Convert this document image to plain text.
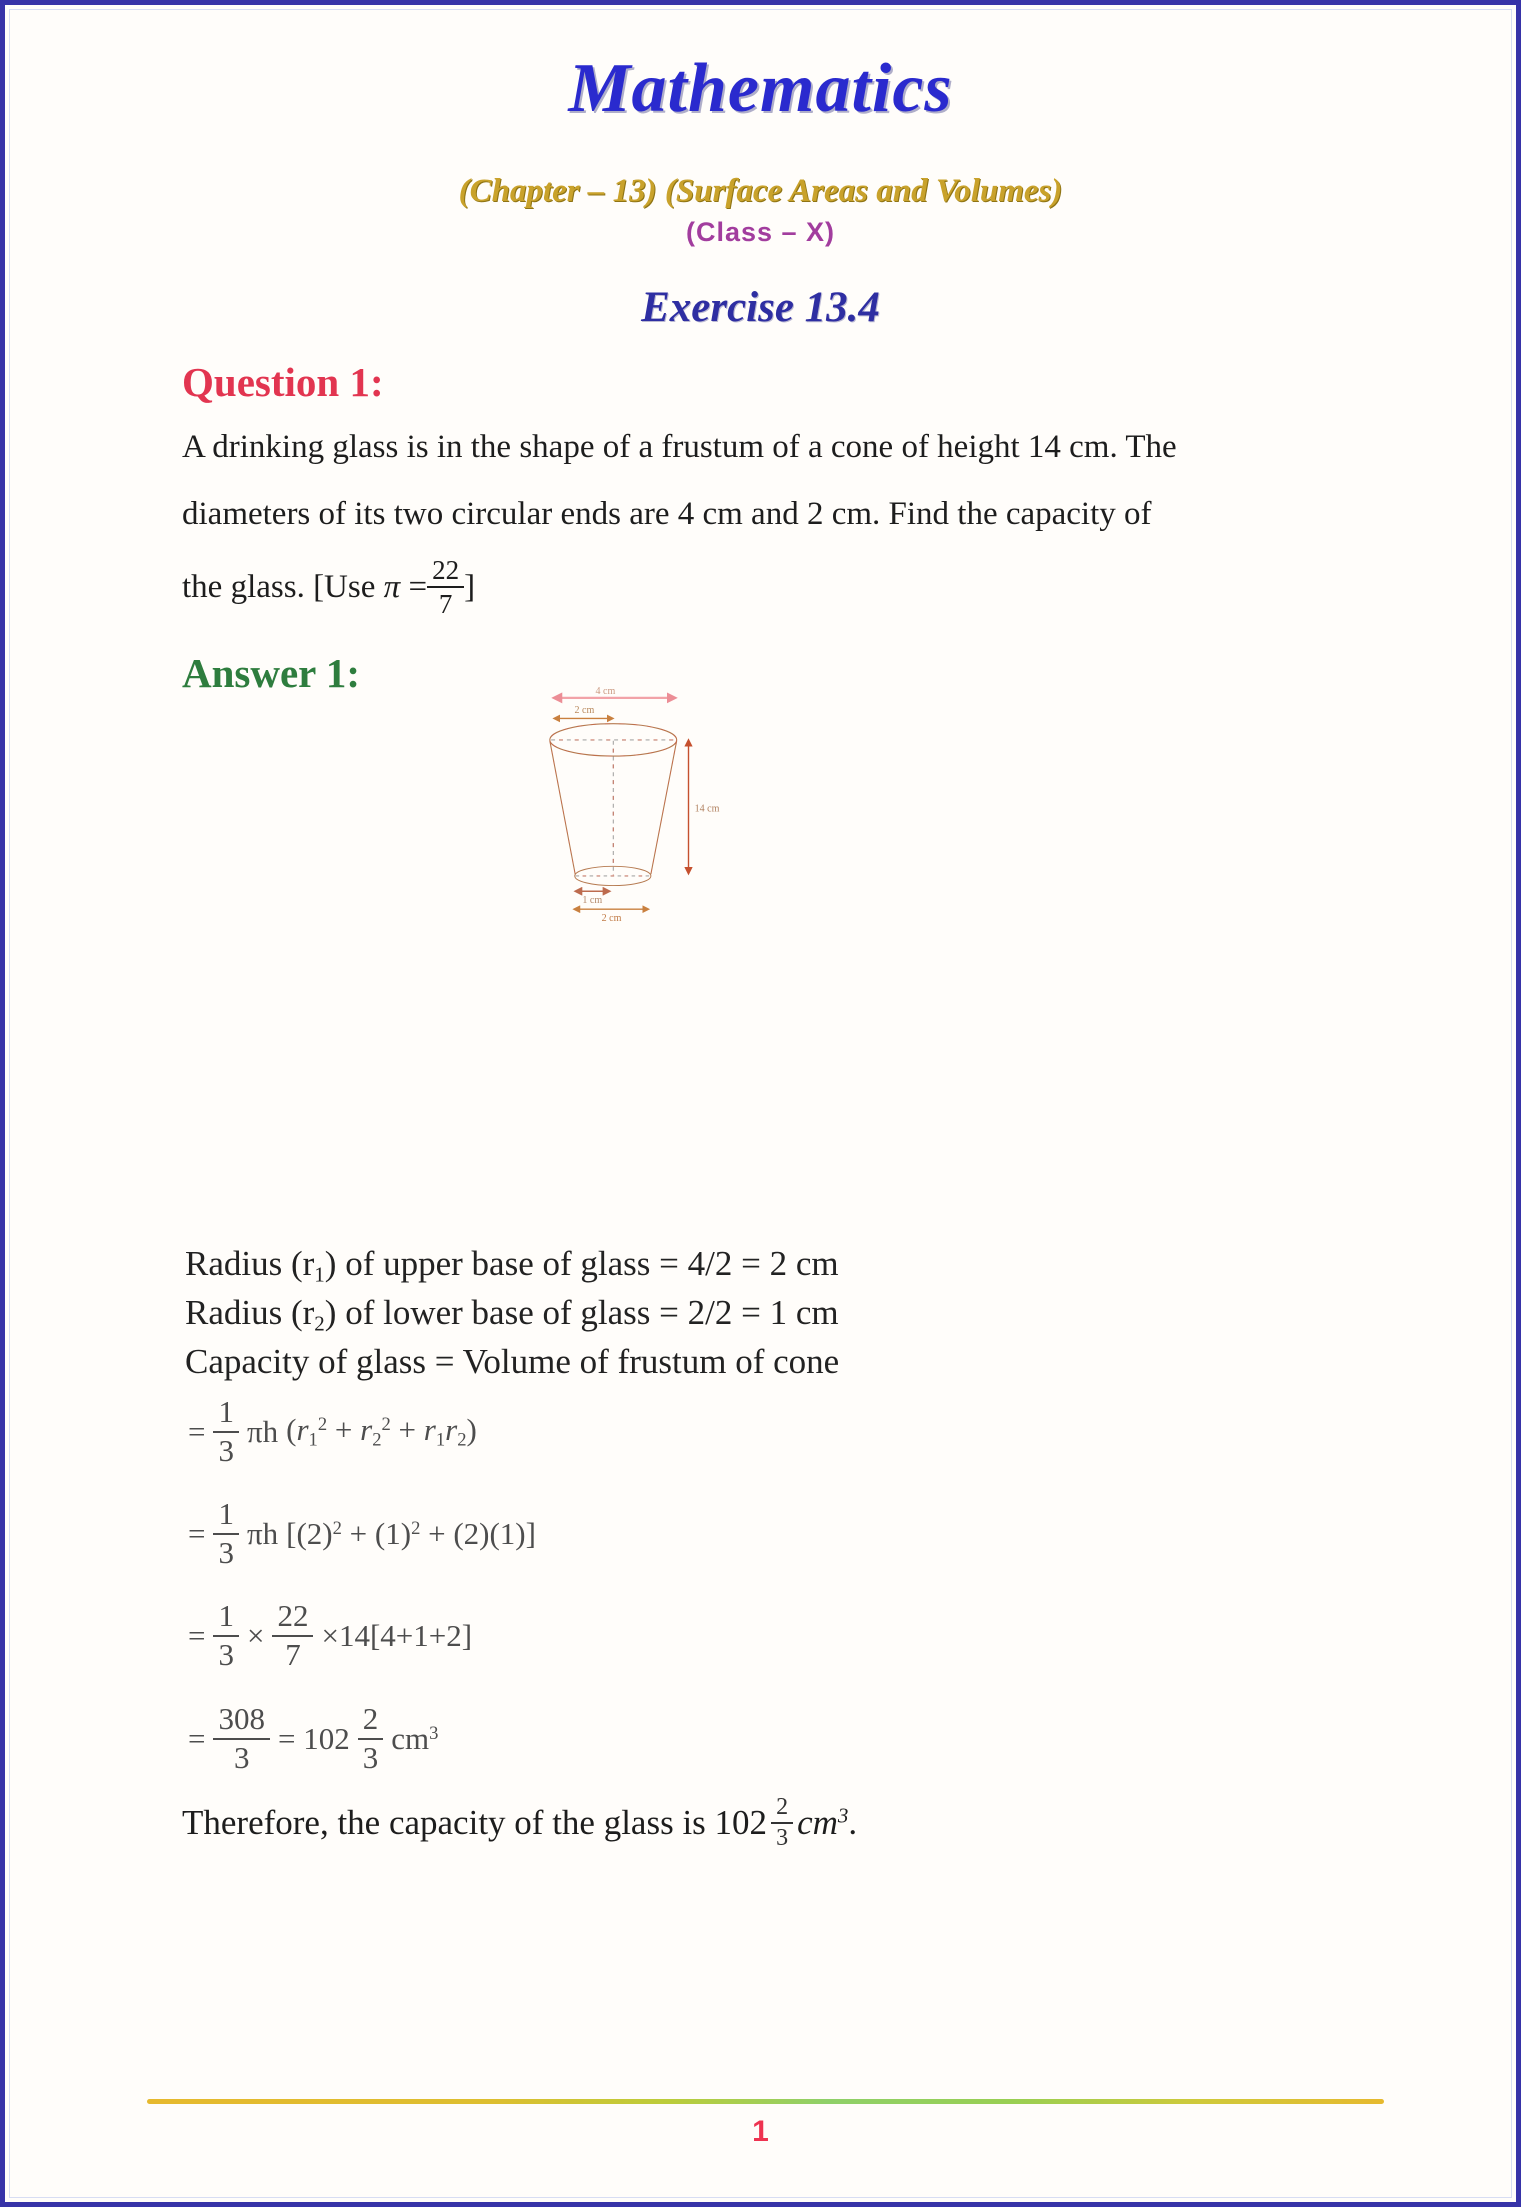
Mathematics
(Chapter – 13) (Surface Areas and Volumes)
(Class – X)
Exercise 13.4
Question 1:
A drinking glass is in the shape of a frustum of a cone of height 14 cm. The
diameters of its two circular ends are 4 cm and 2 cm. Find the capacity of
the glass. [Use $\pi = \frac{22}{7}$ ]
Answer 1:	4 cm
2 cm
14 cm
1 cm
2 cm
Radius (r1) of upper base of glass = 4/2 = 2 cm
Radius (r2) of lower base of glass = 2/2 = 1 cm
Capacity of glass = Volume of frustum of cone
= $\frac{1}{3}$ πh $(r1^2 + r2^2 + r1r2)$
= $\frac{1}{3}$ πh $[(2)^2 + (1)^2 + (2)(1)]$
= $\frac{1}{3} \times \frac{22}{7} \times 14[4+1+2]$
= $\frac{308}{3} = 102 \frac{2}{3} cm^3$
Therefore, the capacity of the glass is $102 \frac{2}{3} cm^3$.
1
